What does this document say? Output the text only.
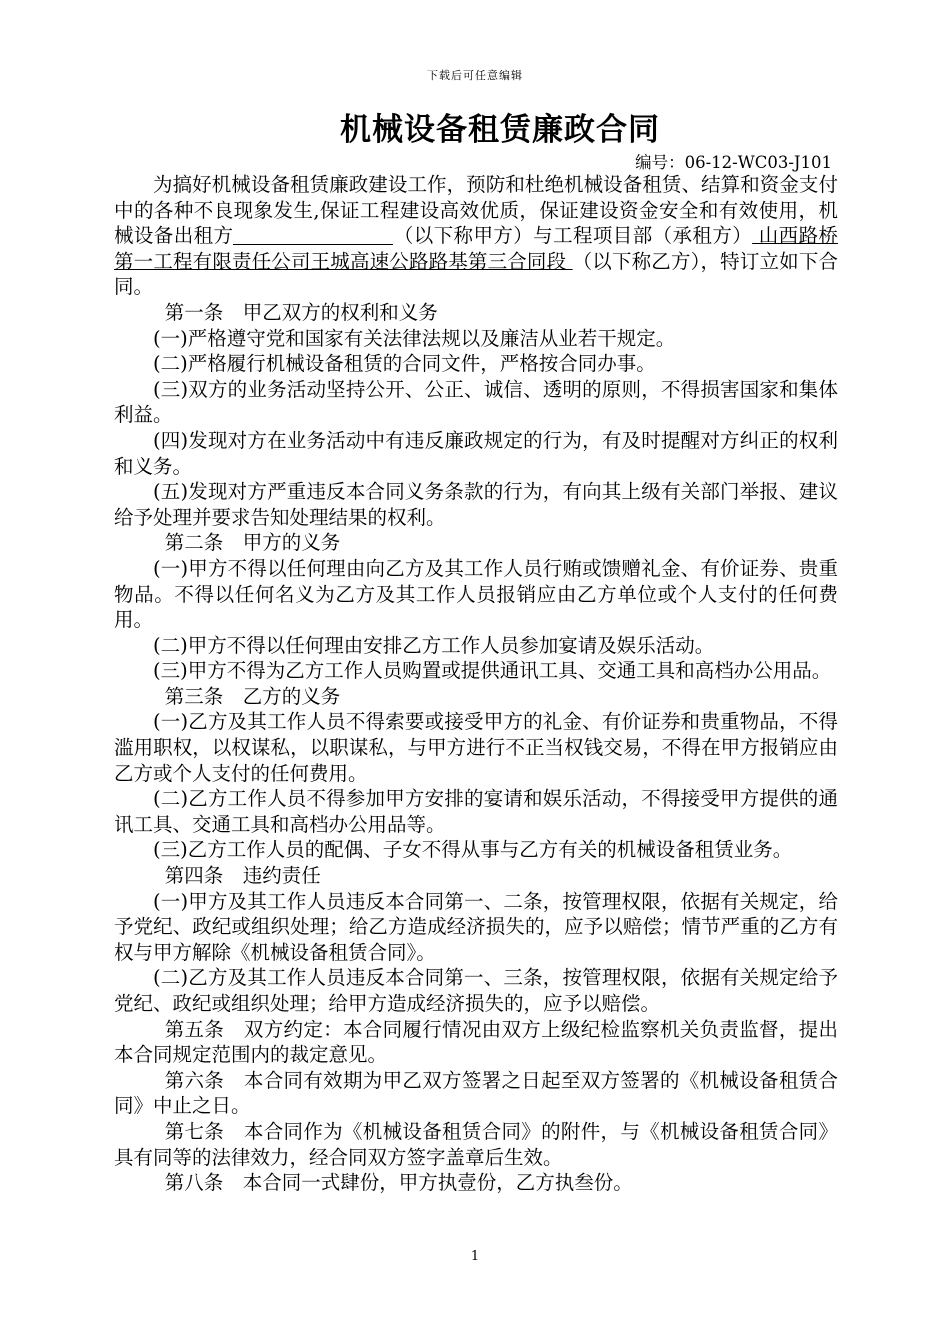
下载后可任意编辑
机械设备租赁廉政合同
编号：06-12-WC03-J101

为搞好机械设备租赁廉政建设工作，预防和杜绝机械设备租赁、结算和资金支付中的各种不良现象发生,保证工程建设高效优质，保证建设资金安全和有效使用，机械设备出租方	（以下称甲方）与工程项目部（承租方） 山西路桥第一工程有限责任公司王城高速公路路基第三合同段 （以下称乙方），特订立如下合同。

第一条　甲乙双方的权利和义务

(一)严格遵守党和国家有关法律法规以及廉洁从业若干规定。

(二)严格履行机械设备租赁的合同文件，严格按合同办事。

(三)双方的业务活动坚持公开、公正、诚信、透明的原则，不得损害国家和集体利益。

(四)发现对方在业务活动中有违反廉政规定的行为，有及时提醒对方纠正的权利和义务。

(五)发现对方严重违反本合同义务条款的行为，有向其上级有关部门举报、建议给予处理并要求告知处理结果的权利。

第二条　甲方的义务

(一)甲方不得以任何理由向乙方及其工作人员行贿或馈赠礼金、有价证券、贵重物品。不得以任何名义为乙方及其工作人员报销应由乙方单位或个人支付的任何费用。

(二)甲方不得以任何理由安排乙方工作人员参加宴请及娱乐活动。

(三)甲方不得为乙方工作人员购置或提供通讯工具、交通工具和高档办公用品。

第三条　乙方的义务

(一)乙方及其工作人员不得索要或接受甲方的礼金、有价证券和贵重物品，不得滥用职权，以权谋私，以职谋私，与甲方进行不正当权钱交易，不得在甲方报销应由乙方或个人支付的任何费用。

(二)乙方工作人员不得参加甲方安排的宴请和娱乐活动，不得接受甲方提供的通讯工具、交通工具和高档办公用品等。

(三)乙方工作人员的配偶、子女不得从事与乙方有关的机械设备租赁业务。

第四条　违约责任

(一)甲方及其工作人员违反本合同第一、二条，按管理权限，依据有关规定，给予党纪、政纪或组织处理；给乙方造成经济损失的，应予以赔偿；情节严重的乙方有权与甲方解除《机械设备租赁合同》。

(二)乙方及其工作人员违反本合同第一、三条，按管理权限，依据有关规定给予党纪、政纪或组织处理；给甲方造成经济损失的，应予以赔偿。

第五条　双方约定：本合同履行情况由双方上级纪检监察机关负责监督，提出本合同规定范围内的裁定意见。

第六条　本合同有效期为甲乙双方签署之日起至双方签署的《机械设备租赁合同》中止之日。

第七条　本合同作为《机械设备租赁合同》的附件，与《机械设备租赁合同》具有同等的法律效力，经合同双方签字盖章后生效。

第八条　本合同一式肆份，甲方执壹份，乙方执叁份。

1
